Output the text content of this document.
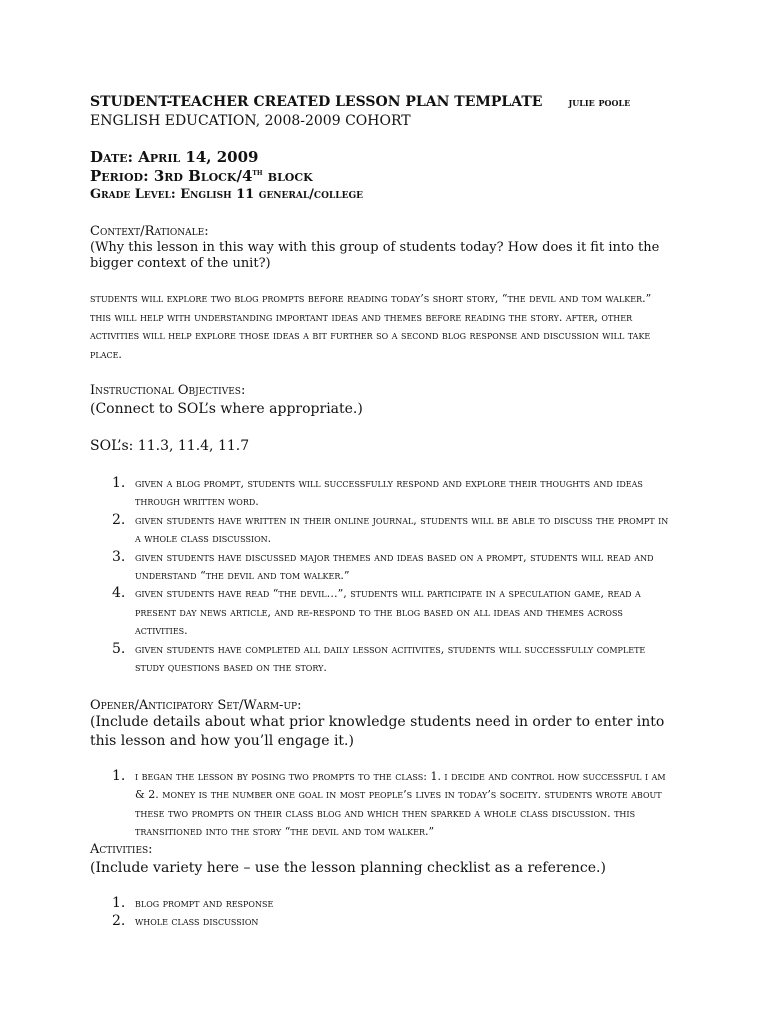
STUDENT-TEACHER CREATED LESSON PLAN TEMPLATE julie poole
ENGLISH EDUCATION, 2008-2009 COHORT
Date: April 14, 2009
Period: 3rd Block/4th block
Grade Level: English 11 general/college
Context/Rationale:
(Why this lesson in this way with this group of students today? How does it fit into the bigger context of the unit?)
students will explore two blog prompts before reading today’s short story, “the devil and tom walker.” this will help with understanding important ideas and themes before reading the story. after, other activities will help explore those ideas a bit further so a second blog response and discussion will take place.
Instructional Objectives:
(Connect to SOL’s where appropriate.)
SOL’s: 11.3, 11.4, 11.7
1. given a blog prompt, students will successfully respond and explore their thoughts and ideas through written word.
2. given students have written in their online journal, students will be able to discuss the prompt in a whole class discussion.
3. given students have discussed major themes and ideas based on a prompt, students will read and understand “the devil and tom walker.”
4. given students have read “the devil…”, students will participate in a speculation game, read a present day news article, and re-respond to the blog based on all ideas and themes across activities.
5. given students have completed all daily lesson acitivites, students will successfully complete study questions based on the story.
Opener/Anticipatory Set/Warm-up:
(Include details about what prior knowledge students need in order to enter into this lesson and how you’ll engage it.)
1. i began the lesson by posing two prompts to the class: 1. i decide and control how successful i am & 2. money is the number one goal in most people’s lives in today’s soceity. students wrote about these two prompts on their class blog and which then sparked a whole class discussion. this transitioned into the story “the devil and tom walker.”
Activities:
(Include variety here – use the lesson planning checklist as a reference.)
1. blog prompt and response
2. whole class discussion
